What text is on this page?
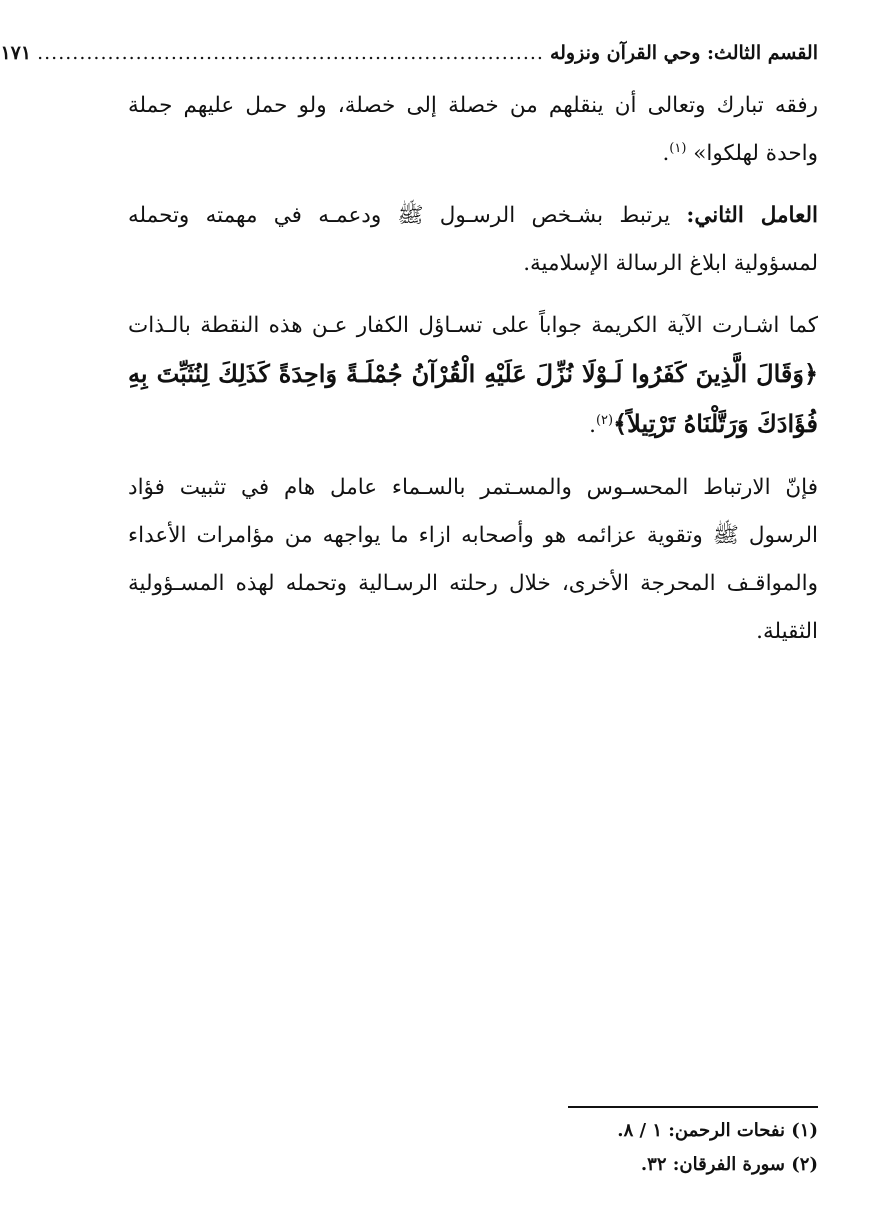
القسم الثالث: وحي القرآن ونزوله
........................................................................
١٧١

رفقه تبارك وتعالى أن ينقلهم من خصلة إلى خصلة، ولو حمل عليهم جملة واحدة لهلكوا» $^{(١)}$.

العامل الثاني: يرتبط بشـخص الرسـول ﷺ ودعمـه في مهمته وتحمله لمسؤولية ابلاغ الرسالة الإسلامية.

كما اشـارت الآية الكريمة جواباً على تسـاؤل الكفار عـن هذه النقطة بالـذات ﴿وَقَالَ الَّذِينَ كَفَرُوا لَـوْلَا نُزِّلَ عَلَيْهِ الْقُرْآنُ جُمْلَـةً وَاحِدَةً كَذَلِكَ لِنُثَبِّتَ بِهِ فُؤَادَكَ وَرَتَّلْنَاهُ تَرْتِيلاً﴾$^{(٢)}$.

فإنّ الارتباط المحسـوس والمسـتمر بالسـماء عامل هام في تثبيت فؤاد الرسول ﷺ وتقوية عزائمه هو وأصحابه ازاء ما يواجهه من مؤامرات الأعداء والمواقـف المحرجة الأخرى، خلال رحلته الرسـالية وتحمله لهذه المسـؤولية الثقيلة.

(١) نفحات الرحمن: ١ / ٨.
(٢) سورة الفرقان: ٣٢.
